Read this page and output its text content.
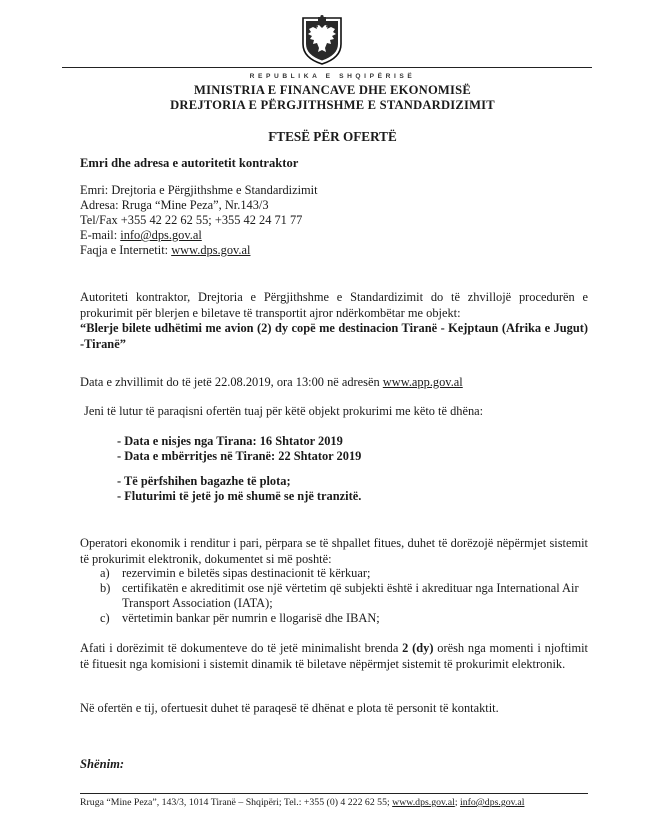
REPUBLIKA E SHQIPËRISË
MINISTRIA E FINANCAVE DHE EKONOMISË
DREJTORIA E PËRGJITHSHME E STANDARDIZIMIT
FTESË PËR OFERTË
Emri dhe adresa e autoritetit kontraktor
Emri: Drejtoria e Përgjithshme e Standardizimit
Adresa: Rruga “Mine Peza”, Nr.143/3
Tel/Fax +355 42 22 62 55; +355 42 24 71 77
E-mail: info@dps.gov.al
Faqja e Internetit: www.dps.gov.al
Autoriteti kontraktor, Drejtoria e Përgjithshme e Standardizimit do të zhvillojë procedurën e prokurimit për blerjen e biletave të transportit ajror ndërkombëtar me objekt:
“Blerje bilete udhëtimi me avion (2) dy copë me destinacion Tiranë - Kejptaun (Afrika e Jugut) -Tiranë”
Data e zhvillimit do të jetë 22.08.2019, ora 13:00 në adresën www.app.gov.al
Jeni të lutur të paraqisni ofertën tuaj për këtë objekt prokurimi me këto të dhëna:
- Data e nisjes nga Tirana: 16 Shtator 2019
- Data e mbërritjes në Tiranë: 22 Shtator 2019
- Të përfshihen bagazhe të plota;
- Fluturimi të jetë jo më shumë se një tranzitë.
Operatori ekonomik i renditur i pari, përpara se të shpallet fitues, duhet të dorëzojë nëpërmjet sistemit të prokurimit elektronik, dokumentet si më poshtë:
a) rezervimin e biletës sipas destinacionit të kërkuar;
b) certifikatën e akreditimit ose një vërtetim që subjekti është i akredituar nga International Air Transport Association (IATA);
c) vërtetimin bankar për numrin e llogarisë dhe IBAN;
Afati i dorëzimit të dokumenteve do të jetë minimalisht brenda 2 (dy) orësh nga momenti i njoftimit të fituesit nga komisioni i sistemit dinamik të biletave nëpërmjet sistemit të prokurimit elektronik.
Në ofertën e tij, ofertuesit duhet të paraqesë të dhënat e plota të personit të kontaktit.
Shënim:
Rruga “Mine Peza”, 143/3, 1014 Tiranë – Shqipëri; Tel.: +355 (0) 4 222 62 55; www.dps.gov.al; info@dps.gov.al
